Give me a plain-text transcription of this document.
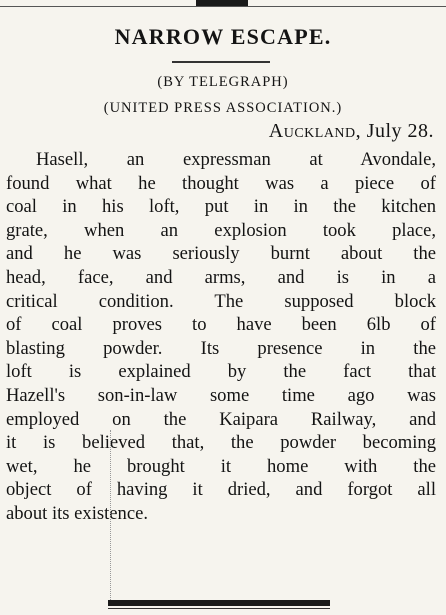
NARROW ESCAPE.
(BY TELEGRAPH)
(UNITED PRESS ASSOCIATION.)
Auckland, July 28.
Hasell, an expressman at Avondale,
found what he thought was a piece of
coal in his loft, put in in the kitchen
grate, when an explosion took place,
and he was seriously burnt about the
head, face, and arms, and is in a
critical condition. The supposed block
of coal proves to have been 6lb of
blasting powder. Its presence in the
loft is explained by the fact that
Hazell's son-in-law some time ago was
employed on the Kaipara Railway, and
it is believed that, the powder becoming
wet, he brought it home with the
object of having it dried, and forgot all
about its existence.
